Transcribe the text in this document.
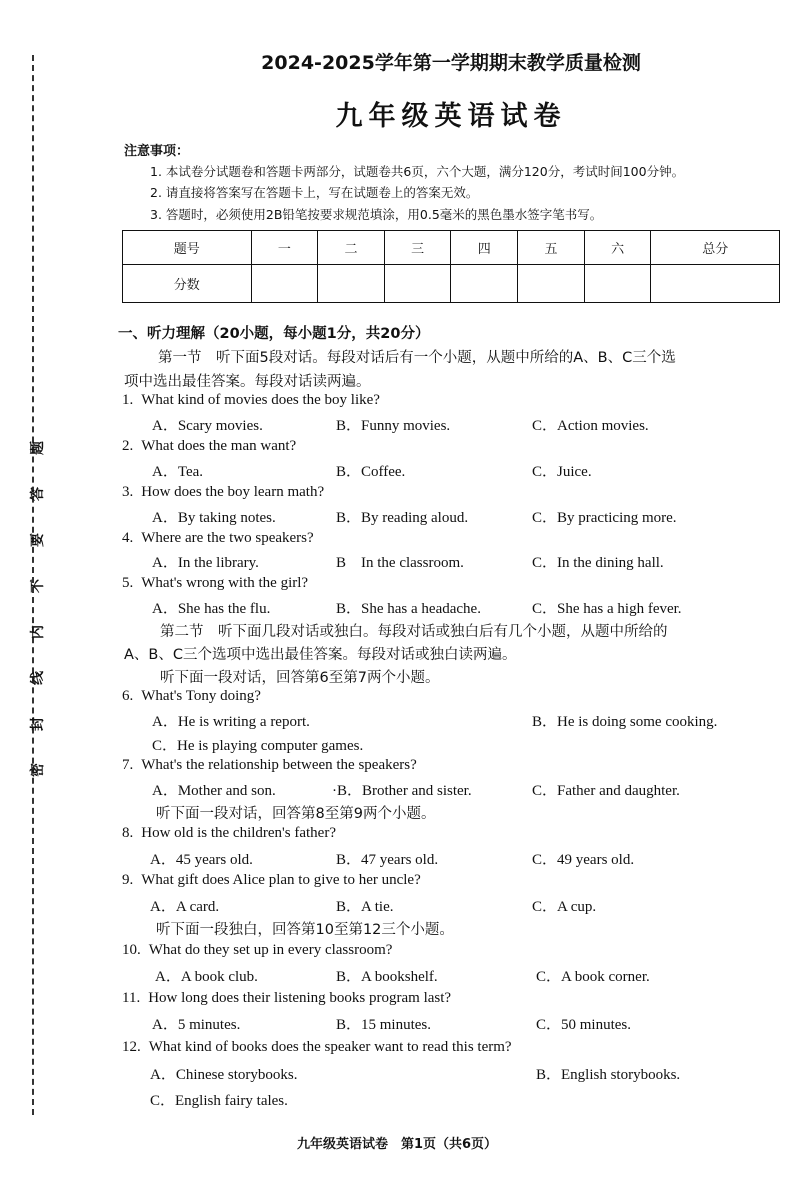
题
答
要
不
内
线
封
密
2024-2025学年第一学期期末教学质量检测
九年级英语试卷
注意事项：
1. 本试卷分试题卷和答题卡两部分，试题卷共6页，六个大题，满分120分，考试时间100分钟。
2. 请直接将答案写在答题卡上，写在试题卷上的答案无效。
3. 答题时，必须使用2B铅笔按要求规范填涂，用0.5毫米的黑色墨水签字笔书写。
题号	一	二	三	四	五	六	总分
分数							
一、听力理解（20小题，每小题1分，共20分）
第一节　听下面5段对话。每段对话后有一个小题，从题中所给的A、B、C三个选
项中选出最佳答案。每段对话读两遍。
1. What kind of movies does the boy like?
A．Scary movies.	B．Funny movies.	C．Action movies.
2. What does the man want?
A．Tea.	B．Coffee.	C．Juice.
3. How does the boy learn math?
A．By taking notes.	B．By reading aloud.	C．By practicing more.
4. Where are the two speakers?
A．In the library.	B　In the classroom.	C．In the dining hall.
5. What's wrong with the girl?
A．She has the flu.	B．She has a headache.	C．She has a high fever.
6. What's Tony doing?
A．He is writing a report.	B．He is doing some cooking.
C．He is playing computer games.
7. What's the relationship between the speakers?
A．Mother and son.	·B．Brother and sister.	C．Father and daughter.
8. How old is the children's father?
A．45 years old.	B．47 years old.	C．49 years old.
9. What gift does Alice plan to give to her uncle?
A．A card.	B．A tie.	C．A cup.
10. What do they set up in every classroom?
A．A book club.	B．A bookshelf.	C．A book corner.
11. How long does their listening books program last?
A．5 minutes.	B．15 minutes.	C．50 minutes.
12. What kind of books does the speaker want to read this term?
A．Chinese storybooks.	B．English storybooks.
C．English fairy tales.
第二节　听下面几段对话或独白。每段对话或独白后有几个小题，从题中所给的
A、B、C三个选项中选出最佳答案。每段对话或独白读两遍。
听下面一段对话，回答第6至第7两个小题。
听下面一段对话，回答第8至第9两个小题。
听下面一段独白，回答第10至第12三个小题。
九年级英语试卷　第1页（共6页）
